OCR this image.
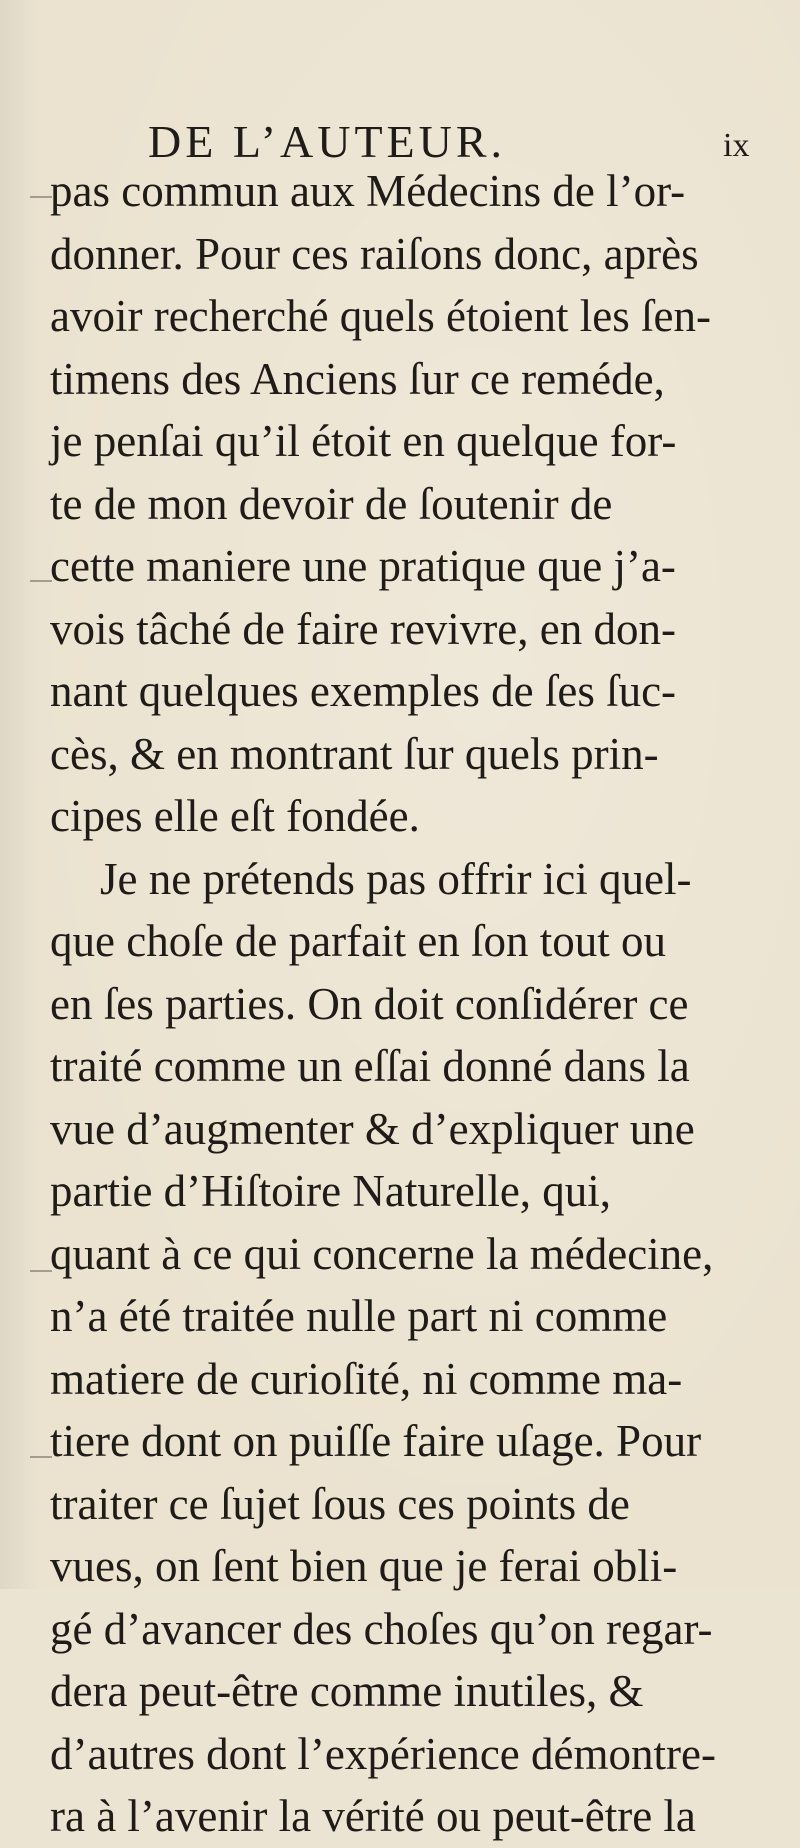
DE L’AUTEUR.	ix
pas commun aux Médecins de l’or-
donner. Pour ces raiſons donc, après
avoir recherché quels étoient les ſen-
timens des Anciens ſur ce reméde,
je penſai qu’il étoit en quelque for-
te de mon devoir de ſoutenir de
cette maniere une pratique que j’a-
vois tâché de faire revivre, en don-
nant quelques exemples de ſes ſuc-
cès, & en montrant ſur quels prin-
cipes elle eſt fondée.
Je ne prétends pas offrir ici quel-
que choſe de parfait en ſon tout ou
en ſes parties. On doit conſidérer ce
traité comme un eſſai donné dans la
vue d’augmenter & d’expliquer une
partie d’Hiſtoire Naturelle, qui,
quant à ce qui concerne la médecine,
n’a été traitée nulle part ni comme
matiere de curioſité, ni comme ma-
tiere dont on puiſſe faire uſage. Pour
traiter ce ſujet ſous ces points de
vues, on ſent bien que je ferai obli-
gé d’avancer des choſes qu’on regar-
dera peut-être comme inutiles, &
d’autres dont l’expérience démontre-
ra à l’avenir la vérité ou peut-être la
